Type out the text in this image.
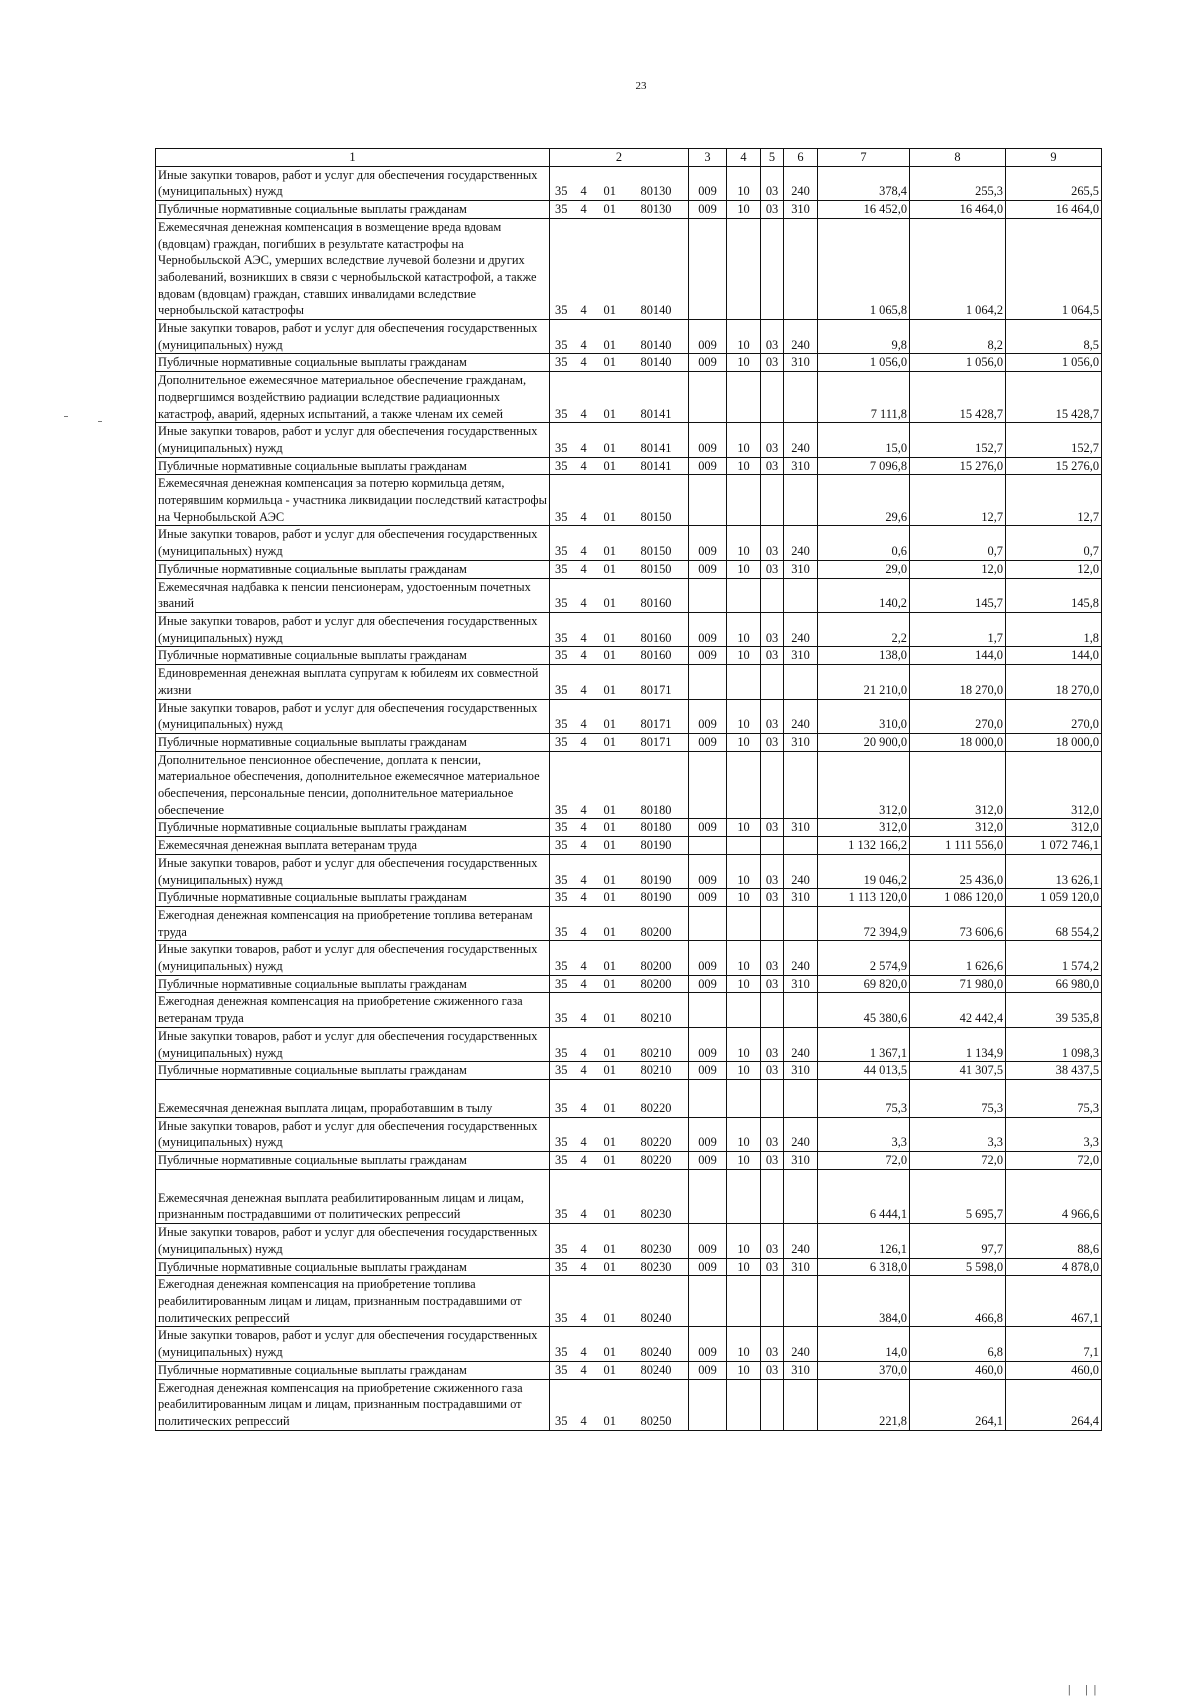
23
1	2				3	4	5	6	7	8	9
Иные закупки товаров, работ и услуг для обеспечения государственных (муниципальных) нужд	35	4	01	80130	009	10	03	240	378,4	255,3	265,5
Публичные нормативные социальные выплаты гражданам	35	4	01	80130	009	10	03	310	16 452,0	16 464,0	16 464,0
Ежемесячная денежная компенсация в возмещение вреда вдовам (вдовцам) граждан, погибших в результате катастрофы на Чернобыльской АЭС, умерших вследствие лучевой болезни и других заболеваний, возникших в связи с чернобыльской катастрофой, а также вдовам (вдовцам) граждан, ставших инвалидами вследствие чернобыльской катастрофы	35	4	01	80140					1 065,8	1 064,2	1 064,5
Иные закупки товаров, работ и услуг для обеспечения государственных (муниципальных) нужд	35	4	01	80140	009	10	03	240	9,8	8,2	8,5
Публичные нормативные социальные выплаты гражданам	35	4	01	80140	009	10	03	310	1 056,0	1 056,0	1 056,0
Дополнительное ежемесячное материальное обеспечение гражданам, подвергшимся воздействию радиации вследствие радиационных катастроф, аварий, ядерных испытаний, а также членам их семей	35	4	01	80141					7 111,8	15 428,7	15 428,7
Иные закупки товаров, работ и услуг для обеспечения государственных (муниципальных) нужд	35	4	01	80141	009	10	03	240	15,0	152,7	152,7
Публичные нормативные социальные выплаты гражданам	35	4	01	80141	009	10	03	310	7 096,8	15 276,0	15 276,0
Ежемесячная денежная компенсация за потерю кормильца детям, потерявшим кормильца - участника ликвидации последствий катастрофы на Чернобыльской АЭС	35	4	01	80150					29,6	12,7	12,7
Иные закупки товаров, работ и услуг для обеспечения государственных (муниципальных) нужд	35	4	01	80150	009	10	03	240	0,6	0,7	0,7
Публичные нормативные социальные выплаты гражданам	35	4	01	80150	009	10	03	310	29,0	12,0	12,0
Ежемесячная надбавка к пенсии пенсионерам, удостоенным почетных званий	35	4	01	80160					140,2	145,7	145,8
Иные закупки товаров, работ и услуг для обеспечения государственных (муниципальных) нужд	35	4	01	80160	009	10	03	240	2,2	1,7	1,8
Публичные нормативные социальные выплаты гражданам	35	4	01	80160	009	10	03	310	138,0	144,0	144,0
Единовременная денежная выплата супругам к юбилеям их совместной жизни	35	4	01	80171					21 210,0	18 270,0	18 270,0
Иные закупки товаров, работ и услуг для обеспечения государственных (муниципальных) нужд	35	4	01	80171	009	10	03	240	310,0	270,0	270,0
Публичные нормативные социальные выплаты гражданам	35	4	01	80171	009	10	03	310	20 900,0	18 000,0	18 000,0
Дополнительное пенсионное обеспечение, доплата к пенсии, материальное обеспечения, дополнительное ежемесячное материальное обеспечения, персональные пенсии, дополнительное материальное обеспечение	35	4	01	80180					312,0	312,0	312,0
Публичные нормативные социальные выплаты гражданам	35	4	01	80180	009	10	03	310	312,0	312,0	312,0
Ежемесячная денежная выплата ветеранам труда	35	4	01	80190					1 132 166,2	1 111 556,0	1 072 746,1
Иные закупки товаров, работ и услуг для обеспечения государственных (муниципальных) нужд	35	4	01	80190	009	10	03	240	19 046,2	25 436,0	13 626,1
Публичные нормативные социальные выплаты гражданам	35	4	01	80190	009	10	03	310	1 113 120,0	1 086 120,0	1 059 120,0
Ежегодная денежная компенсация на приобретение топлива ветеранам труда	35	4	01	80200					72 394,9	73 606,6	68 554,2
Иные закупки товаров, работ и услуг для обеспечения государственных (муниципальных) нужд	35	4	01	80200	009	10	03	240	2 574,9	1 626,6	1 574,2
Публичные нормативные социальные выплаты гражданам	35	4	01	80200	009	10	03	310	69 820,0	71 980,0	66 980,0
Ежегодная денежная компенсация на приобретение сжиженного газа ветеранам труда	35	4	01	80210					45 380,6	42 442,4	39 535,8
Иные закупки товаров, работ и услуг для обеспечения государственных (муниципальных) нужд	35	4	01	80210	009	10	03	240	1 367,1	1 134,9	1 098,3
Публичные нормативные социальные выплаты гражданам	35	4	01	80210	009	10	03	310	44 013,5	41 307,5	38 437,5
Ежемесячная денежная выплата лицам, проработавшим в тылу	35	4	01	80220					75,3	75,3	75,3
Иные закупки товаров, работ и услуг для обеспечения государственных (муниципальных) нужд	35	4	01	80220	009	10	03	240	3,3	3,3	3,3
Публичные нормативные социальные выплаты гражданам	35	4	01	80220	009	10	03	310	72,0	72,0	72,0
Ежемесячная денежная выплата реабилитированным лицам и лицам, признанным пострадавшими от политических репрессий	35	4	01	80230					6 444,1	5 695,7	4 966,6
Иные закупки товаров, работ и услуг для обеспечения государственных (муниципальных) нужд	35	4	01	80230	009	10	03	240	126,1	97,7	88,6
Публичные нормативные социальные выплаты гражданам	35	4	01	80230	009	10	03	310	6 318,0	5 598,0	4 878,0
Ежегодная денежная компенсация на приобретение топлива реабилитированным лицам и лицам, признанным пострадавшими от политических репрессий	35	4	01	80240					384,0	466,8	467,1
Иные закупки товаров, работ и услуг для обеспечения государственных (муниципальных) нужд	35	4	01	80240	009	10	03	240	14,0	6,8	7,1
Публичные нормативные социальные выплаты гражданам	35	4	01	80240	009	10	03	310	370,0	460,0	460,0
Ежегодная денежная компенсация на приобретение сжиженного газа реабилитированным лицам и лицам, признанным пострадавшими от политических репрессий	35	4	01	80250					221,8	264,1	264,4
| ||
